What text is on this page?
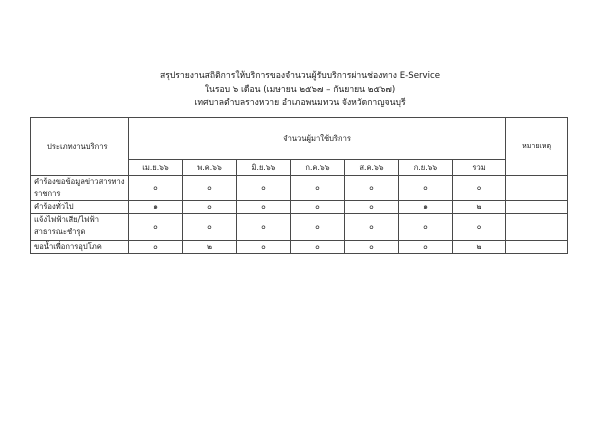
สรุปรายงานสถิติการให้บริการของจำนวนผู้รับบริการผ่านช่องทาง E-Service
ในรอบ ๖ เดือน (เมษายน ๒๕๖๗ – กันยายน ๒๕๖๗)
เทศบาลตำบลรางหวาย อำเภอพนมทวน จังหวัดกาญจนบุรี
ประเภทงานบริการ	จำนวนผู้มาใช้บริการ							หมายเหตุ
	เม.ย.๖๖	พ.ค.๖๖	มิ.ย.๖๖	ก.ค.๖๖	ส.ค.๖๖	ก.ย.๖๖	รวม	
คำร้องขอข้อมูลข่าวสารทางราชการ	๐	๐	๐	๐	๐	๐	๐	
คำร้องทั่วไป	๑	๐	๐	๐	๐	๑	๒	
แจ้งไฟฟ้าเสีย/ไฟฟ้าสาธารณะชำรุด	๐	๐	๐	๐	๐	๐	๐	
ขอน้ำเพื่อการอุปโภค	๐	๒	๐	๐	๐	๐	๒	
